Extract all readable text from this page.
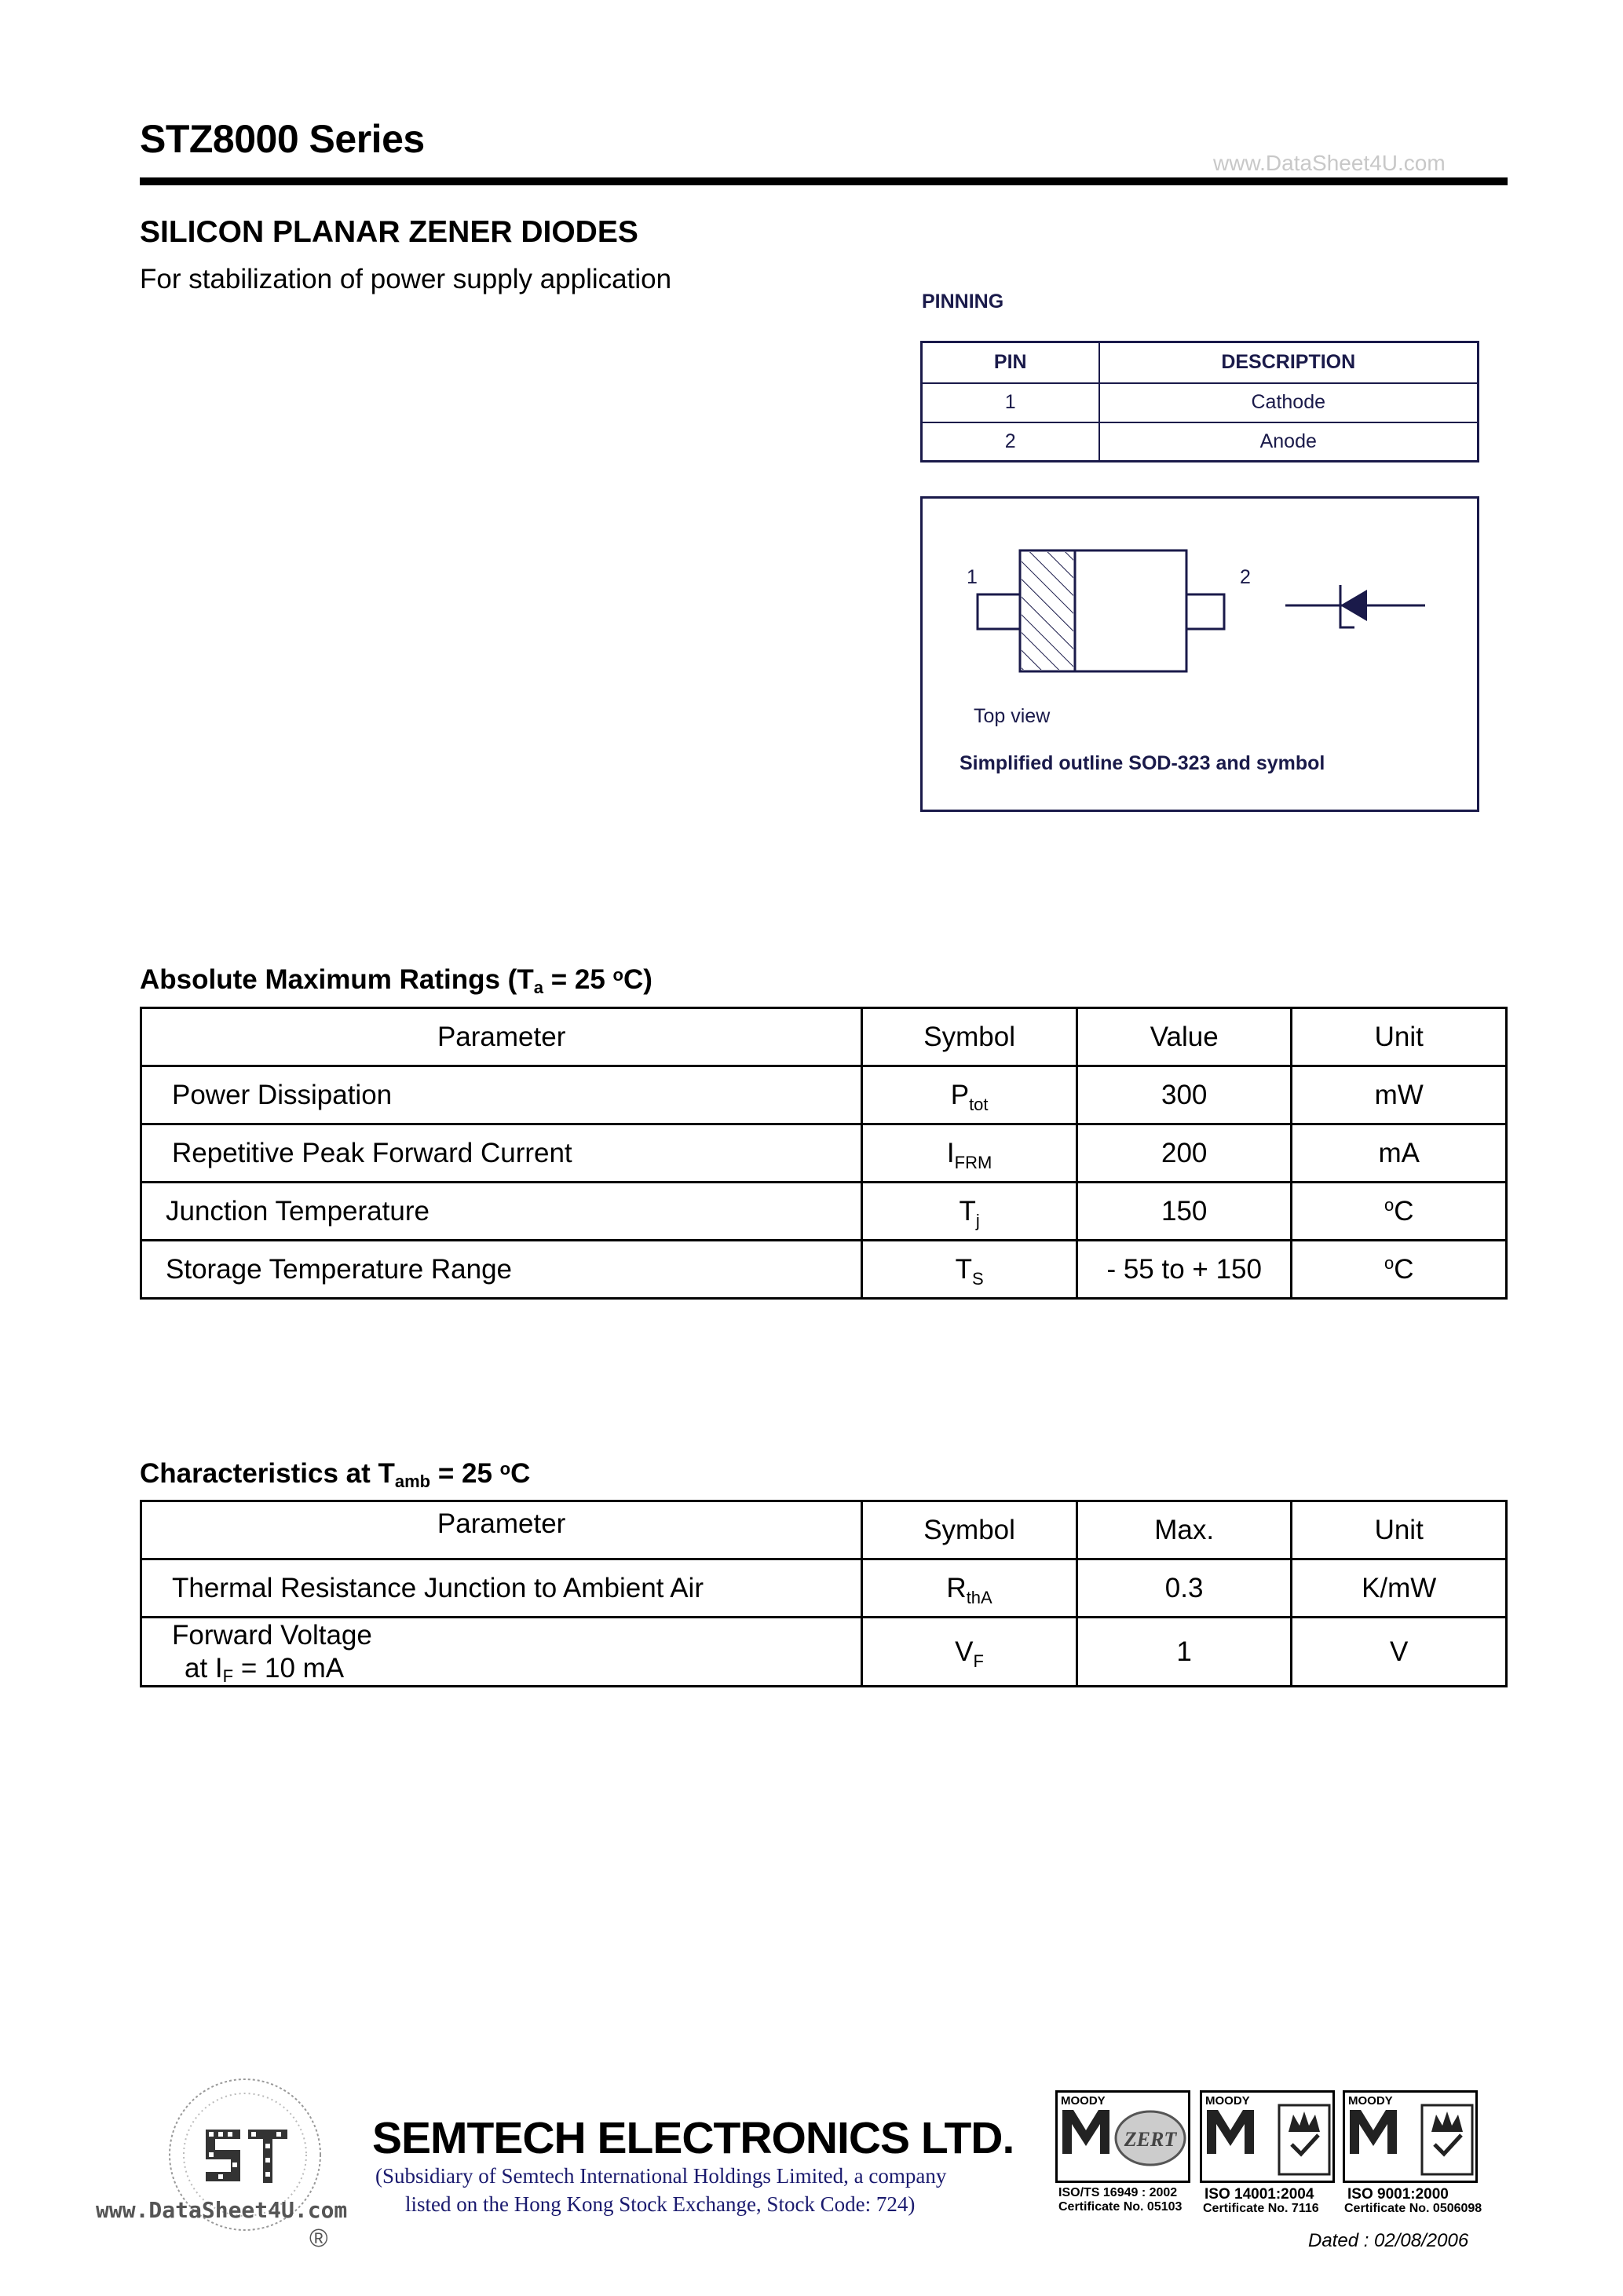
STZ8000 Series
www.DataSheet4U.com
SILICON PLANAR ZENER DIODES
For stabilization of power supply application
PINNING
PIN	DESCRIPTION
1	Cathode
2	Anode
1	2
Top view
Simplified outline SOD-323 and symbol
Absolute Maximum Ratings ($T_a = 25$ $^o$C)
Parameter	Symbol	Value	Unit
Power Dissipation	$P_{tot}$	300	mW
Repetitive Peak Forward Current	$I_{FRM}$	200	mA
Junction Temperature	$T_j$	150	$^o$C
Storage Temperature Range	$T_S$	- 55 to + 150	$^o$C
Characteristics at $T_{amb} = 25$ $^o$C
Parameter	Symbol	Max.	Unit
Thermal Resistance Junction to Ambient Air	$R_{thA}$	0.3	K/mW

Forward Voltage
at IF = 10 mA	$V_F$	1	V
SEMTECH ELECTRONICS LTD.
(Subsidiary of Semtech International Holdings Limited, a company
listed on the Hong Kong Stock Exchange, Stock Code: 724)
www.DataSheet4U.com
®
MOODY
ZERT
MOODY	MOODY
ISO/TS 16949 : 2002
Certificate No. 05103
ISO 14001:2004
Certificate No. 7116
ISO 9001:2000
Certificate No. 0506098
Dated : 02/08/2006
